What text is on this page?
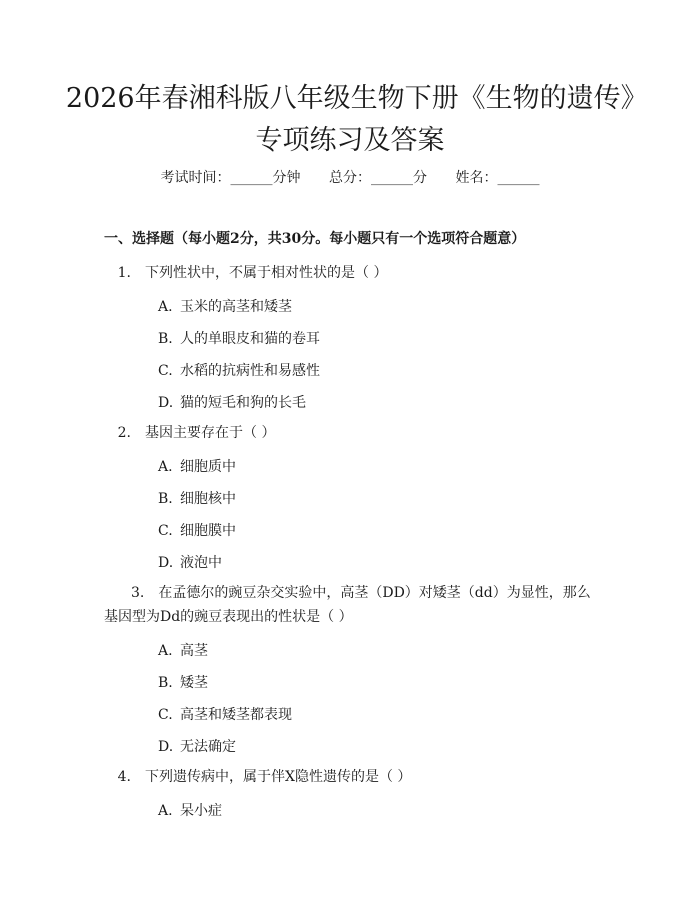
2026年春湘科版八年级生物下册《生物的遗传》专项练习及答案
考试时间：______分钟 总分：______分 姓名：______
一、选择题（每小题2分，共30分。每小题只有一个选项符合题意）
1. 下列性状中，不属于相对性状的是（ ）
A. 玉米的高茎和矮茎
B. 人的单眼皮和猫的卷耳
C. 水稻的抗病性和易感性
D. 猫的短毛和狗的长毛
2. 基因主要存在于（ ）
A. 细胞质中
B. 细胞核中
C. 细胞膜中
D. 液泡中
3. 在孟德尔的豌豆杂交实验中，高茎（DD）对矮茎（dd）为显性，那么基因型为Dd的豌豆表现出的性状是（ ）
A. 高茎
B. 矮茎
C. 高茎和矮茎都表现
D. 无法确定
4. 下列遗传病中，属于伴X隐性遗传的是（ ）
A. 呆小症
